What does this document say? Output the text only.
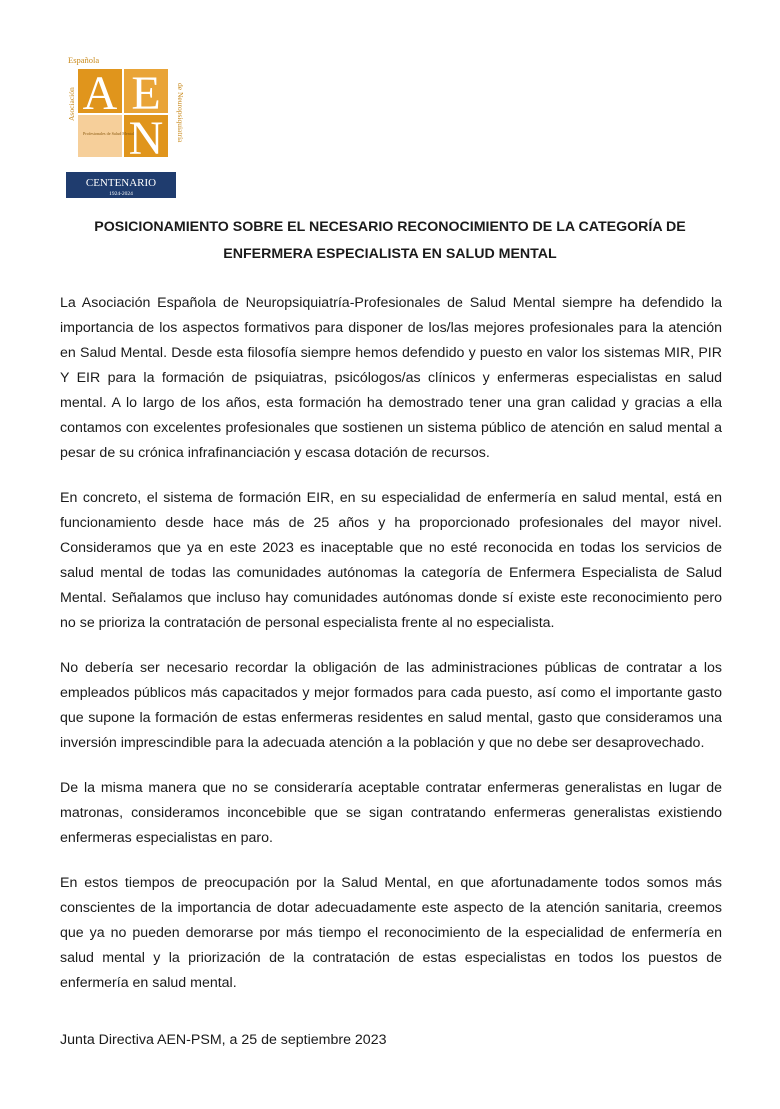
Española
Asociación	de Neuropsiquiatría
A E
N
Profesionales de Salud Mental
CENTENARIO
1924-2024
POSICIONAMIENTO SOBRE EL NECESARIO RECONOCIMIENTO DE LA CATEGORÍA DE
ENFERMERA ESPECIALISTA EN SALUD MENTAL

La Asociación Española de Neuropsiquiatría-Profesionales de Salud Mental siempre ha defendido la importancia de los aspectos formativos para disponer de los/las mejores profesionales para la atención en Salud Mental. Desde esta filosofía siempre hemos defendido y puesto en valor los sistemas MIR, PIR Y EIR para la formación de psiquiatras, psicólogos/as clínicos y enfermeras especialistas en salud mental. A lo largo de los años, esta formación ha demostrado tener una gran calidad y gracias a ella contamos con excelentes profesionales que sostienen un sistema público de atención en salud mental a pesar de su crónica infrafinanciación y escasa dotación de recursos.

En concreto, el sistema de formación EIR, en su especialidad de enfermería en salud mental, está en funcionamiento desde hace más de 25 años y ha proporcionado profesionales del mayor nivel. Consideramos que ya en este 2023 es inaceptable que no esté reconocida en todas los servicios de salud mental de todas las comunidades autónomas la categoría de Enfermera Especialista de Salud Mental. Señalamos que incluso hay comunidades autónomas donde sí existe este reconocimiento pero no se prioriza la contratación de personal especialista frente al no especialista.

No debería ser necesario recordar la obligación de las administraciones públicas de contratar a los empleados públicos más capacitados y mejor formados para cada puesto, así como el importante gasto que supone la formación de estas enfermeras residentes en salud mental, gasto que consideramos una inversión imprescindible para la adecuada atención a la población y que no debe ser desaprovechado.

De la misma manera que no se consideraría aceptable contratar enfermeras generalistas en lugar de matronas, consideramos inconcebible que se sigan contratando enfermeras generalistas existiendo enfermeras especialistas en paro.

En estos tiempos de preocupación por la Salud Mental, en que afortunadamente todos somos más conscientes de la importancia de dotar adecuadamente este aspecto de la atención sanitaria, creemos que ya no pueden demorarse por más tiempo el reconocimiento de la especialidad de enfermería en salud mental y la priorización de la contratación de estas especialistas en todos los puestos de enfermería en salud mental.

Junta Directiva AEN-PSM, a 25 de septiembre 2023
